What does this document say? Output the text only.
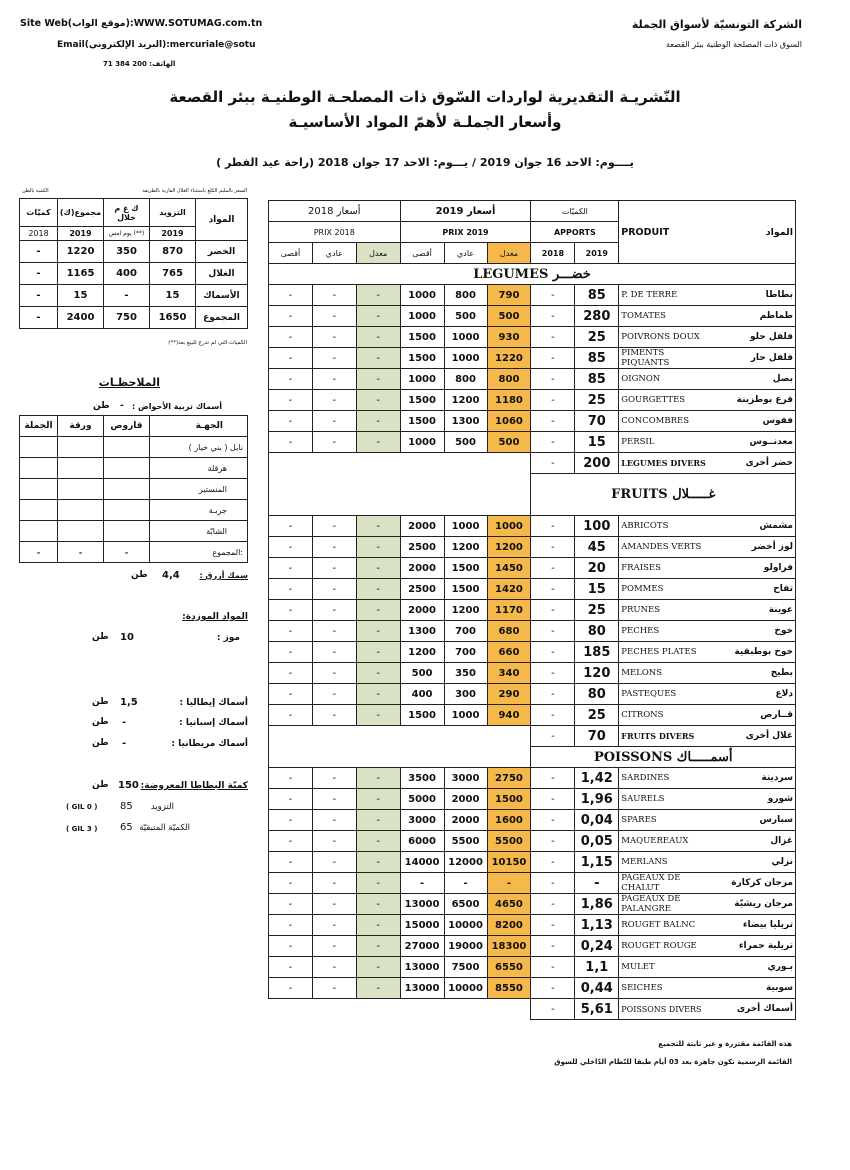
Site Web(موقع الواب):WWW.SOTUMAG.com.tn
Email(البريد الإلكتروني):mercuriale@sotu
الهاتف: 200 384 71
الشركة التونسيّة لأسواق الجملة
السوق ذات المصلحة الوطنية ببئر القصعة
النّشريـة التقديرية لواردات السّوق ذات المصلحـة الوطنيـة ببئر القصعة
وأسعار الجملـة لأهمّ المواد الأساسيـة
يــــوم: الاحد 16 جوان 2019 / يـــوم: الاحد 17 جوان 2018 (راحة عيد الفطر )
الكمية بالطن	السعر بالمليم الكلغ باستثناء الغلال القارية بالطريقة
كميّات	مجموع(ك)	ك غ م خلال	التزويد	المواد
2018	2019	يوم امس (**)	2019	
-	1220	350	870	الخضر
-	1165	400	765	الغلال
-	15	-	15	الأسماك
-	2400	750	1650	المجموع
الكميات التي لم تدرج للبيع بعد(**)
الملاحظـات
أسماك تربية الأحواض :
-
طن
الجملة	ورقة	قاروص	الجهـة
			نابل ( بني خيار )
			هرقلة
			المنستير
			جربـة
			الشابّة
-	-	-	المجموع:
سمك أزرق :
4,4
طن
المواد الموزدة:
موز :
10
طن
أسماك إيطاليا :
1,5
طن
أسماك إسبانيا :
-
طن
أسماك مريطانيا :
-
طن
كميّة البطاطا المعروضة:
150
طن
التزويد
85
( GIL 0 )
الكميّة المتبقيّة
65
( GIL 3 )
أسعار 2018			أسعار 2019			الكميّات		PRODUIT	المواد
PRIX 2018			PRIX 2019			APPORTS			
أقصى	عادي	معدل	أقصى	عادي	معدل	2018	2019		
LEGUMES خضـــر									
-	-	-	1000	800	790	-	85	P. DE TERRE	بطاطا
-	-	-	1000	500	500	-	280	TOMATES	طماطم
-	-	-	1500	1000	930	-	25	POIVRONS DOUX	فلفل حلو
-	-	-	1500	1000	1220	-	85	PIMENTS PIQUANTS	فلفل حار
-	-	-	1000	800	800	-	85	OIGNON	بصل
-	-	-	1500	1200	1180	-	25	GOURGETTES	قرع بوطزينة
-	-	-	1500	1300	1060	-	70	CONCOMBRES	فقوس
-	-	-	1000	500	500	-	15	PERSIL	معدنــوس
						-	200	LEGUMES DIVERS	خضر أخرى
						FRUITS غـــــلال			
-	-	-	2000	1000	1000	-	100	ABRICOTS	مشمش
-	-	-	2500	1200	1200	-	45	AMANDES VERTS	لوز أخضر
-	-	-	2000	1500	1450	-	20	FRAISES	فراولو
-	-	-	2500	1500	1420	-	15	POMMES	تفاح
-	-	-	2000	1200	1170	-	25	PRUNES	عوينة
-	-	-	1300	700	680	-	80	PECHES	خوخ
-	-	-	1200	700	660	-	185	PECHES PLATES	خوخ بوطبقية
-	-	-	500	350	340	-	120	MELONS	بطيخ
-	-	-	400	300	290	-	80	PASTEQUES	دلاع
-	-	-	1500	1000	940	-	25	CITRONS	قــارص
						-	70	FRUITS DIVERS	غلال أخرى
						POISSONS أسمـــــاك			
-	-	-	3500	3000	2750	-	1,42	SARDINES	سردينة
-	-	-	5000	2000	1500	-	1,96	SAURELS	شورو
-	-	-	3000	2000	1600	-	0,04	SPARES	سبارس
-	-	-	6000	5500	5500	-	0,05	MAQUEREAUX	غزال
-	-	-	14000	12000	10150	-	1,15	MERLANS	نزلي
-	-	-	-	-	-	-	-	PAGEAUX DE CHALUT	مرجان كركارة
-	-	-	13000	6500	4650	-	1,86	PAGEAUX DE PALANGRE	مرجان ريشيّة
-	-	-	15000	10000	8200	-	1,13	ROUGET BALNC	تريليا بيضاء
-	-	-	27000	19000	18300	-	0,24	ROUGET ROUGE	تريلية حمراء
-	-	-	13000	7500	6550	-	1,1	MULET	بـوري
-	-	-	13000	10000	8550	-	0,44	SEICHES	سوبية
						-	5,61	POISSONS DIVERS	أسماك أخرى
هذه القائمة مقتررة و غير ثابتة للتجميع
القائمة الرسمية تكون جاهزة بعد 03 أيام طبقا للنّظام الدّاخلي للسوق
